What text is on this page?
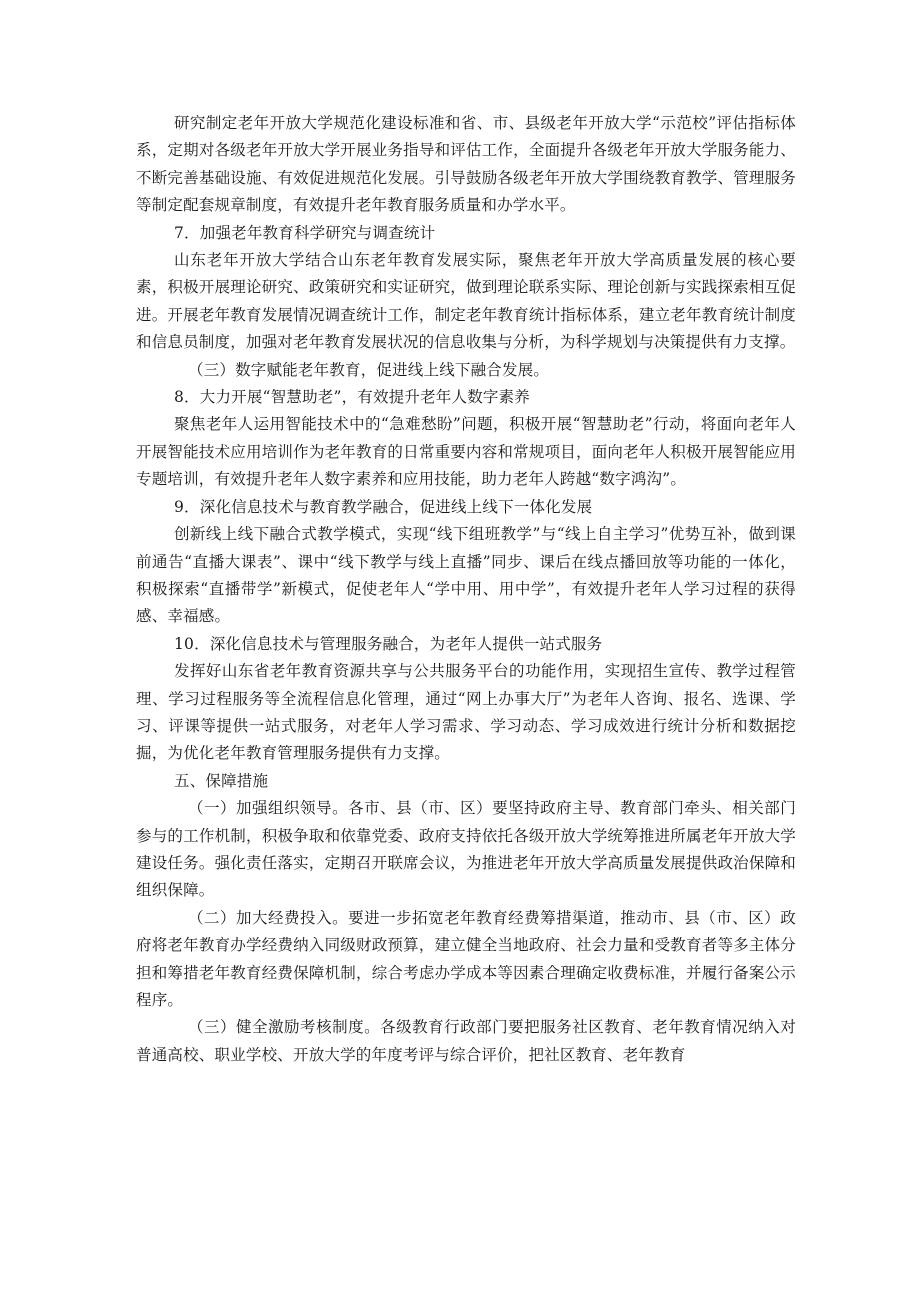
研究制定老年开放大学规范化建设标准和省、市、县级老年开放大学“示范校”评估指标体系，定期对各级老年开放大学开展业务指导和评估工作，全面提升各级老年开放大学服务能力、不断完善基础设施、有效促进规范化发展。引导鼓励各级老年开放大学围绕教育教学、管理服务等制定配套规章制度，有效提升老年教育服务质量和办学水平。

7．加强老年教育科学研究与调查统计

山东老年开放大学结合山东老年教育发展实际，聚焦老年开放大学高质量发展的核心要素，积极开展理论研究、政策研究和实证研究，做到理论联系实际、理论创新与实践探索相互促进。开展老年教育发展情况调查统计工作，制定老年教育统计指标体系，建立老年教育统计制度和信息员制度，加强对老年教育发展状况的信息收集与分析，为科学规划与决策提供有力支撑。

（三）数字赋能老年教育，促进线上线下融合发展。

8．大力开展“智慧助老”，有效提升老年人数字素养

聚焦老年人运用智能技术中的“急难愁盼”问题，积极开展“智慧助老”行动，将面向老年人开展智能技术应用培训作为老年教育的日常重要内容和常规项目，面向老年人积极开展智能应用专题培训，有效提升老年人数字素养和应用技能，助力老年人跨越“数字鸿沟”。

9．深化信息技术与教育教学融合，促进线上线下一体化发展

创新线上线下融合式教学模式，实现“线下组班教学”与“线上自主学习”优势互补，做到课前通告“直播大课表”、课中“线下教学与线上直播”同步、课后在线点播回放等功能的一体化，积极探索“直播带学”新模式，促使老年人“学中用、用中学”，有效提升老年人学习过程的获得感、幸福感。

10．深化信息技术与管理服务融合，为老年人提供一站式服务

发挥好山东省老年教育资源共享与公共服务平台的功能作用，实现招生宣传、教学过程管理、学习过程服务等全流程信息化管理，通过“网上办事大厅”为老年人咨询、报名、选课、学习、评课等提供一站式服务，对老年人学习需求、学习动态、学习成效进行统计分析和数据挖掘，为优化老年教育管理服务提供有力支撑。

五、保障措施

（一）加强组织领导。各市、县（市、区）要坚持政府主导、教育部门牵头、相关部门参与的工作机制，积极争取和依靠党委、政府支持依托各级开放大学统筹推进所属老年开放大学建设任务。强化责任落实，定期召开联席会议，为推进老年开放大学高质量发展提供政治保障和组织保障。

（二）加大经费投入。要进一步拓宽老年教育经费筹措渠道，推动市、县（市、区）政府将老年教育办学经费纳入同级财政预算，建立健全当地政府、社会力量和受教育者等多主体分担和筹措老年教育经费保障机制，综合考虑办学成本等因素合理确定收费标准，并履行备案公示程序。

（三）健全激励考核制度。各级教育行政部门要把服务社区教育、老年教育情况纳入对普通高校、职业学校、开放大学的年度考评与综合评价，把社区教育、老年教育
